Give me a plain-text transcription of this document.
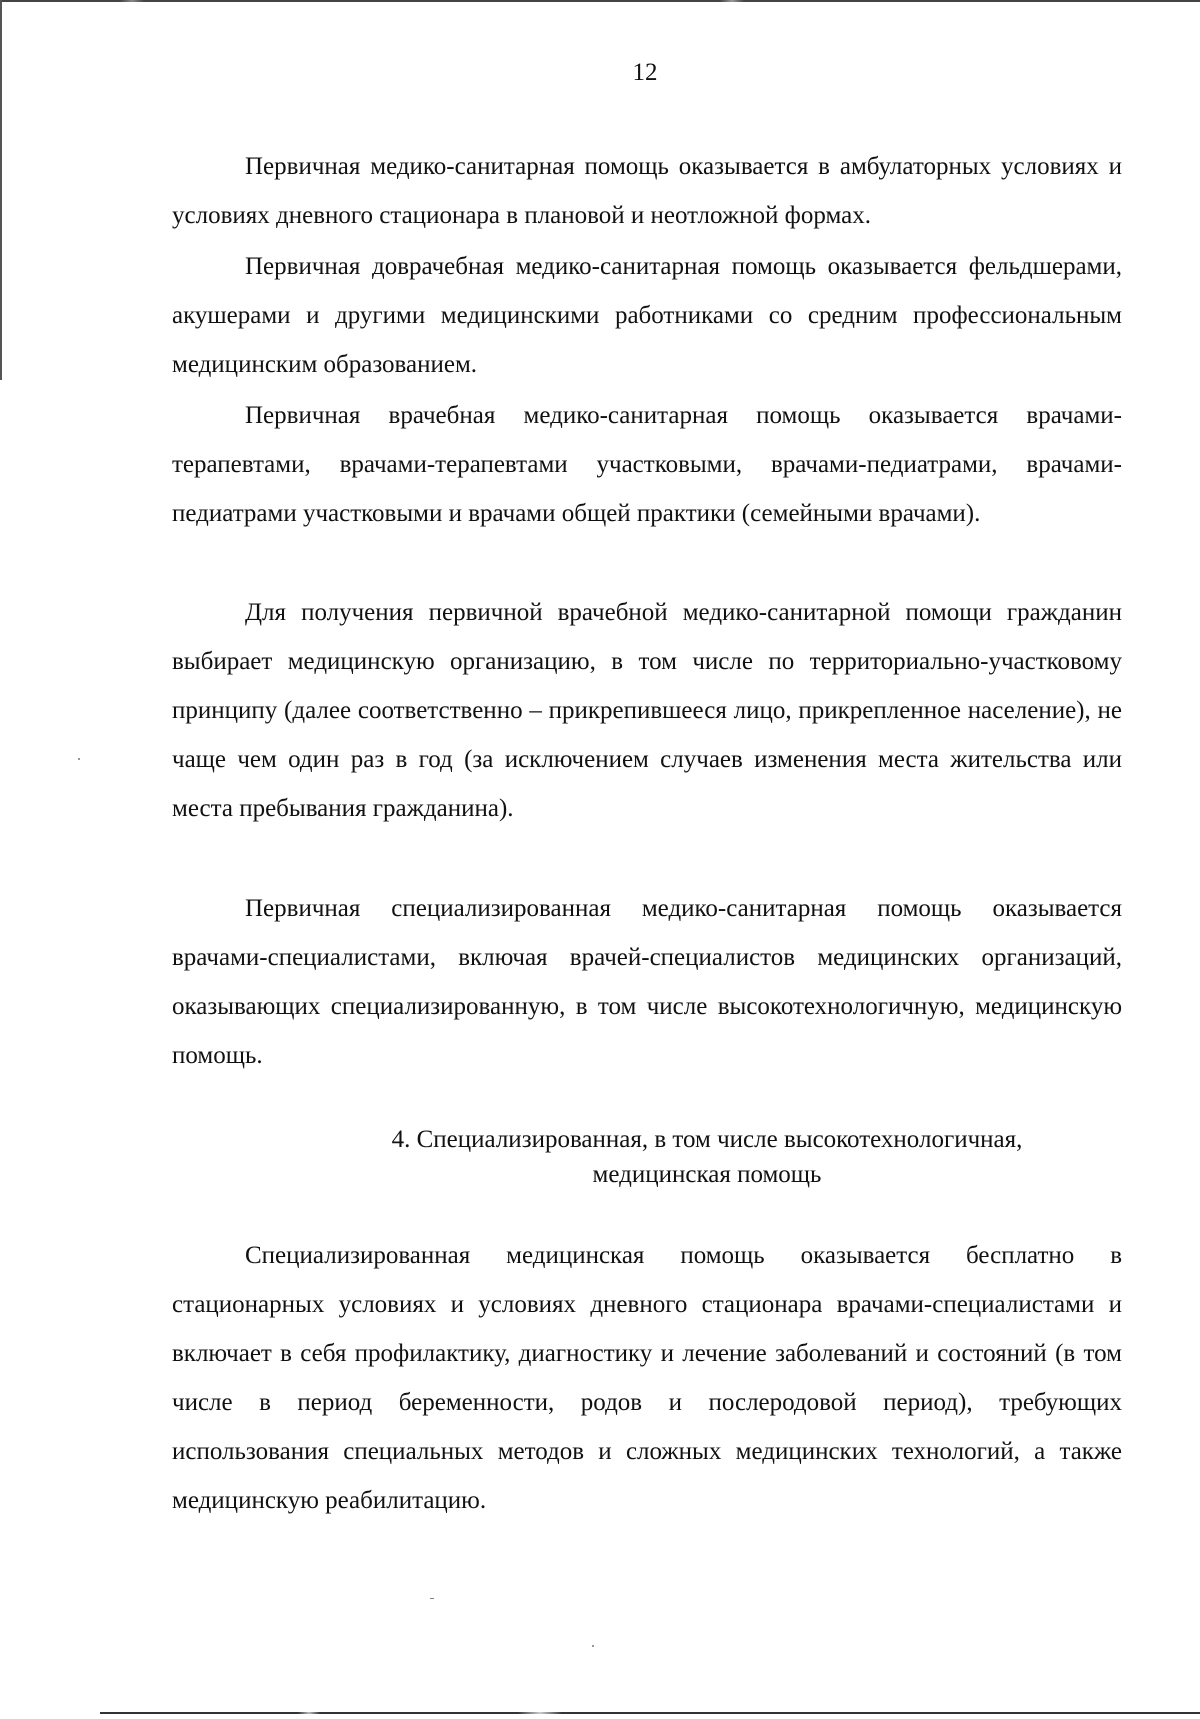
12

Первичная медико-санитарная помощь оказывается в амбулаторных условиях и условиях дневного стационара в плановой и неотложной формах.

Первичная доврачебная медико-санитарная помощь оказывается фельдшерами, акушерами и другими медицинскими работниками со средним профессиональным медицинским образованием.

Первичная врачебная медико-санитарная помощь оказывается врачами-терапевтами, врачами-терапевтами участковыми, врачами-педиатрами, врачами-педиатрами участковыми и врачами общей практики (семейными врачами).

Для получения первичной врачебной медико-санитарной помощи гражданин выбирает медицинскую организацию, в том числе по территориально-участковому принципу (далее соответственно – прикрепившееся лицо, прикрепленное население), не чаще чем один раз в год (за исключением случаев изменения места жительства или места пребывания гражданина).

Первичная специализированная медико-санитарная помощь оказывается врачами-специалистами, включая врачей-специалистов медицинских организаций, оказывающих специализированную, в том числе высокотехнологичную, медицинскую помощь.

4. Специализированная, в том числе высокотехнологичная,
медицинская помощь

Специализированная медицинская помощь оказывается бесплатно в стационарных условиях и условиях дневного стационара врачами-специалистами и включает в себя профилактику, диагностику и лечение заболеваний и состояний (в том числе в период беременности, родов и послеродовой период), требующих использования специальных методов и сложных медицинских технологий, а также медицинскую реабилитацию.
